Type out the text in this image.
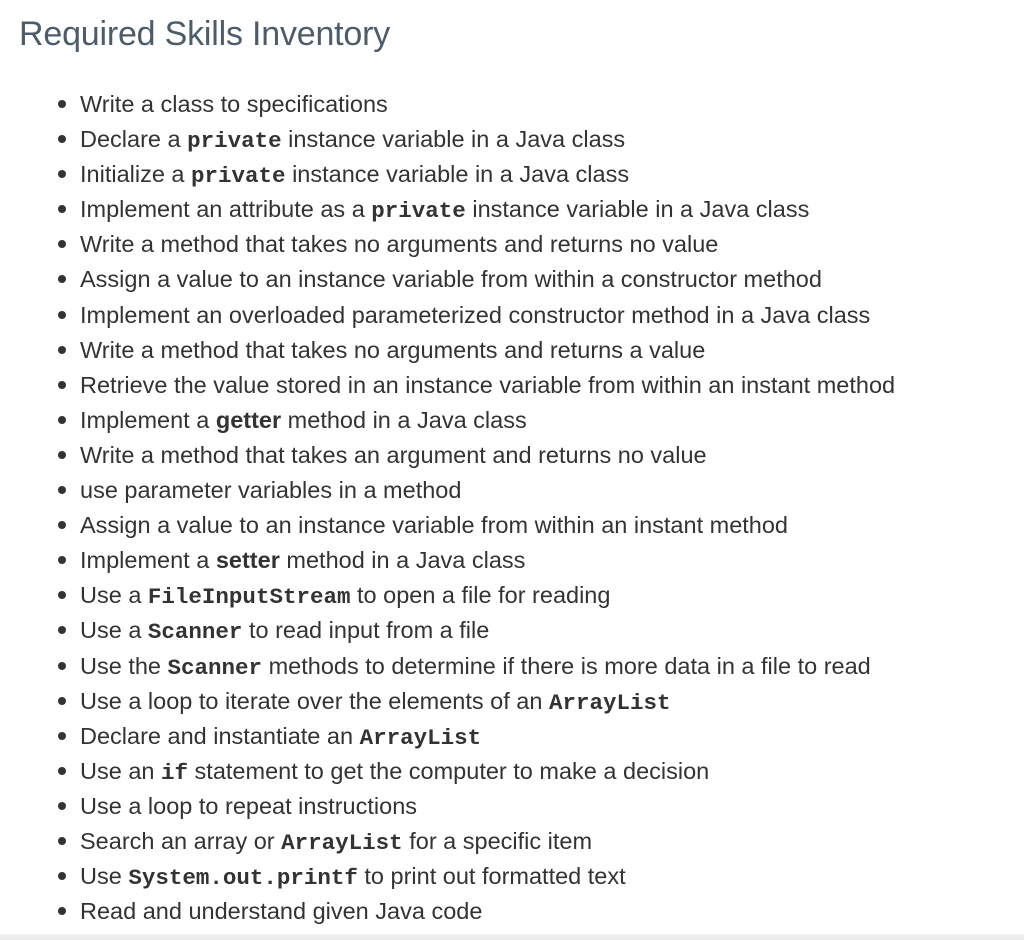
Required Skills Inventory
Write a class to specifications
Declare a private instance variable in a Java class
Initialize a private instance variable in a Java class
Implement an attribute as a private instance variable in a Java class
Write a method that takes no arguments and returns no value
Assign a value to an instance variable from within a constructor method
Implement an overloaded parameterized constructor method in a Java class
Write a method that takes no arguments and returns a value
Retrieve the value stored in an instance variable from within an instant method
Implement a getter method in a Java class
Write a method that takes an argument and returns no value
use parameter variables in a method
Assign a value to an instance variable from within an instant method
Implement a setter method in a Java class
Use a FileInputStream to open a file for reading
Use a Scanner to read input from a file
Use the Scanner methods to determine if there is more data in a file to read
Use a loop to iterate over the elements of an ArrayList
Declare and instantiate an ArrayList
Use an if statement to get the computer to make a decision
Use a loop to repeat instructions
Search an array or ArrayList for a specific item
Use System.out.printf to print out formatted text
Read and understand given Java code
